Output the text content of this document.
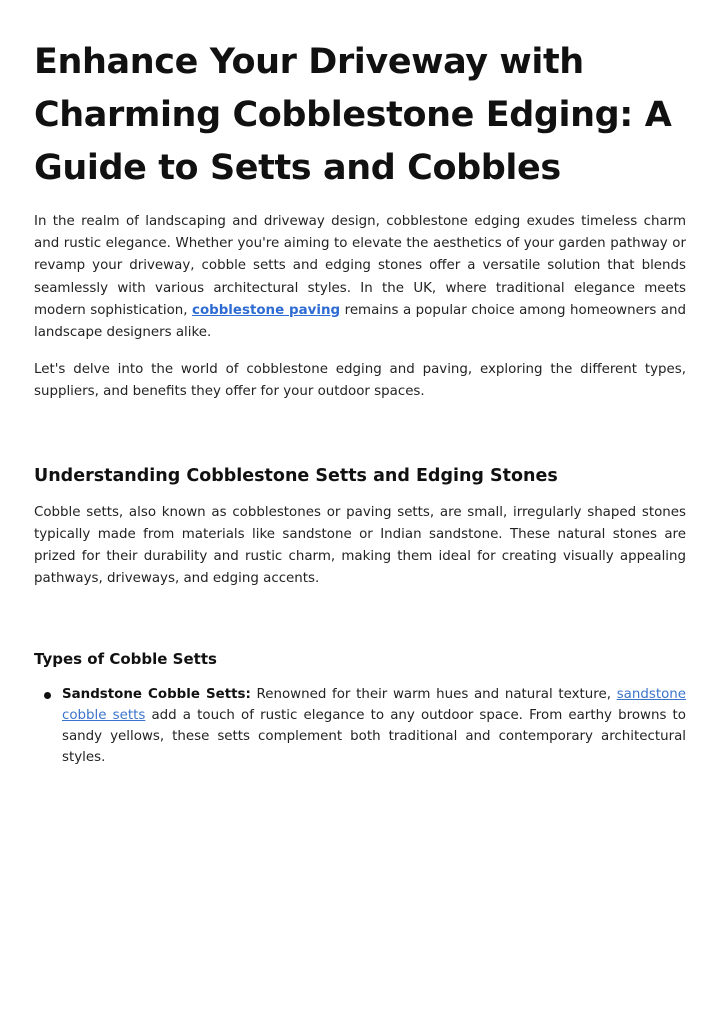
Enhance Your Driveway with Charming Cobblestone Edging: A Guide to Setts and Cobbles

In the realm of landscaping and driveway design, cobblestone edging exudes timeless charm and rustic elegance. Whether you're aiming to elevate the aesthetics of your garden pathway or revamp your driveway, cobble setts and edging stones offer a versatile solution that blends seamlessly with various architectural styles. In the UK, where traditional elegance meets modern sophistication, cobblestone paving remains a popular choice among homeowners and landscape designers alike.

Let's delve into the world of cobblestone edging and paving, exploring the different types, suppliers, and benefits they offer for your outdoor spaces.

Understanding Cobblestone Setts and Edging Stones

Cobble setts, also known as cobblestones or paving setts, are small, irregularly shaped stones typically made from materials like sandstone or Indian sandstone. These natural stones are prized for their durability and rustic charm, making them ideal for creating visually appealing pathways, driveways, and edging accents.

Types of Cobble Setts
Sandstone Cobble Setts: Renowned for their warm hues and natural texture, sandstone cobble setts add a touch of rustic elegance to any outdoor space. From earthy browns to sandy yellows, these setts complement both traditional and contemporary architectural styles.
